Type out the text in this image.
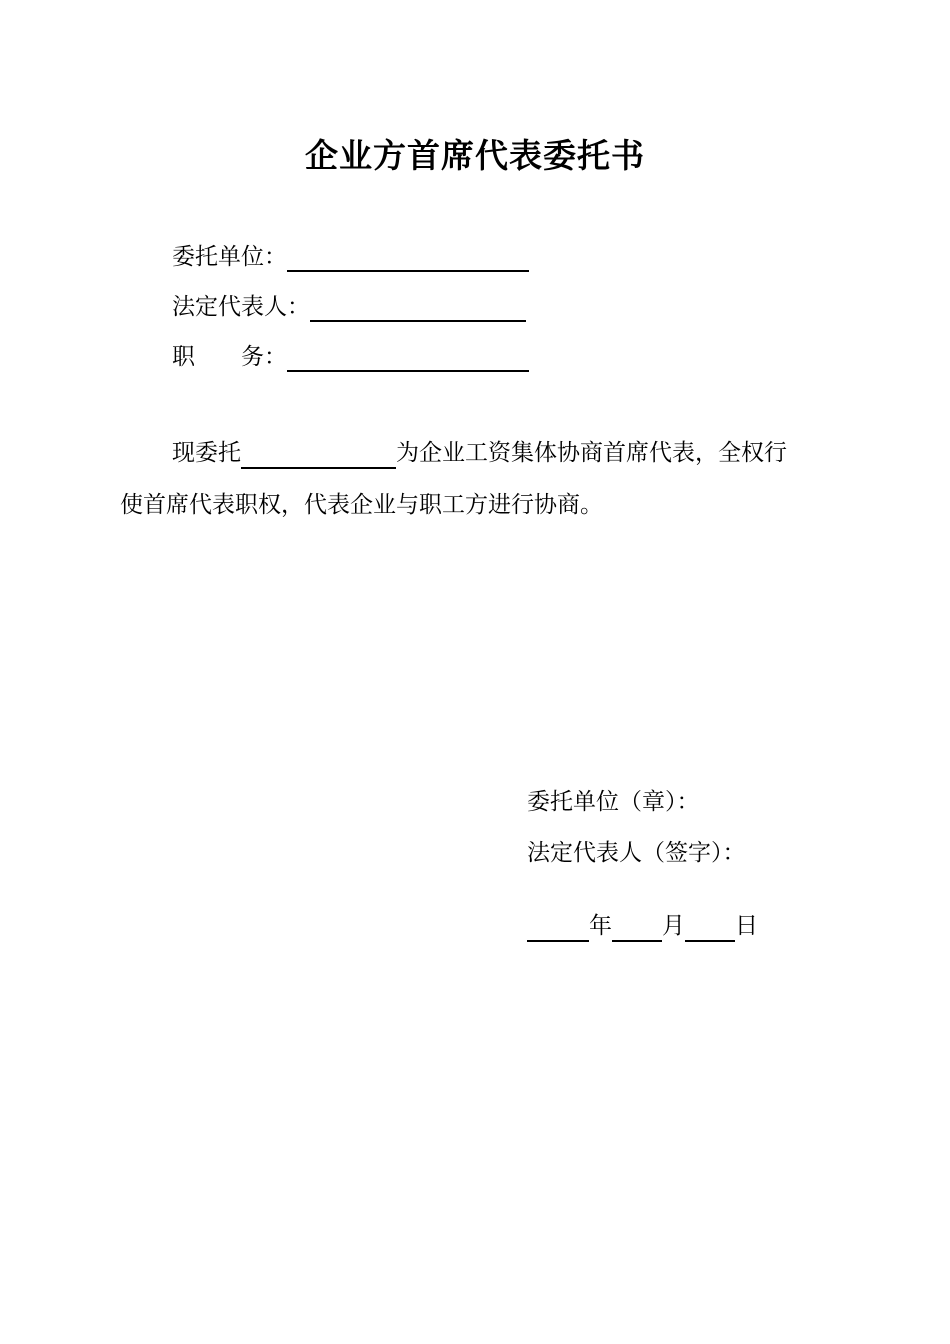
企业方首席代表委托书
委托单位：
法定代表人：
职　　务：
现委托	为企业工资集体协商首席代表，全权行
使首席代表职权，代表企业与职工方进行协商。
委托单位（章）：
法定代表人（签字）：
年 月 日
